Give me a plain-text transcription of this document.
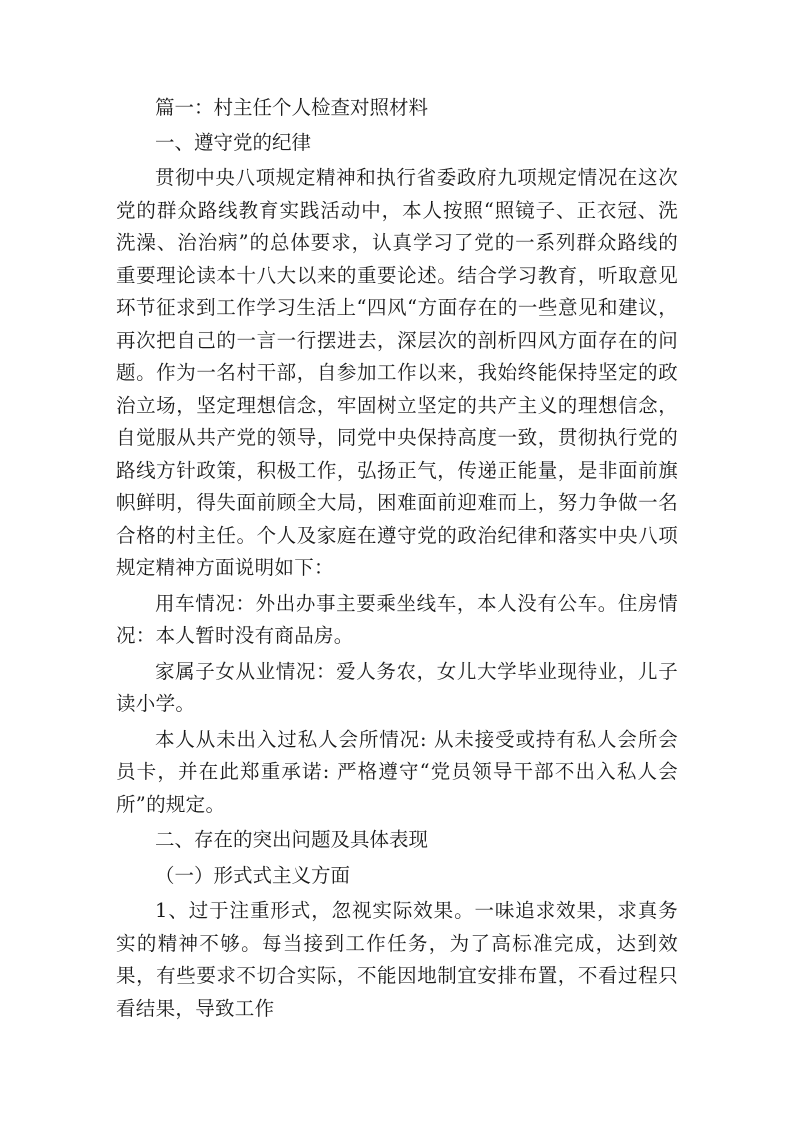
篇一：村主任个人检查对照材料

一、遵守党的纪律

贯彻中央八项规定精神和执行省委政府九项规定情况在这次党的群众路线教育实践活动中，本人按照“照镜子、正衣冠、洗洗澡、治治病”的总体要求，认真学习了党的一系列群众路线的重要理论读本十八大以来的重要论述。结合学习教育，听取意见环节征求到工作学习生活上“四风“方面存在的一些意见和建议，再次把自己的一言一行摆进去，深层次的剖析四风方面存在的问题。作为一名村干部，自参加工作以来，我始终能保持坚定的政治立场，坚定理想信念，牢固树立坚定的共产主义的理想信念，自觉服从共产党的领导，同党中央保持高度一致，贯彻执行党的路线方针政策，积极工作，弘扬正气，传递正能量，是非面前旗帜鲜明，得失面前顾全大局，困难面前迎难而上，努力争做一名合格的村主任。个人及家庭在遵守党的政治纪律和落实中央八项规定精神方面说明如下：

用车情况：外出办事主要乘坐线车，本人没有公车。住房情况：本人暂时没有商品房。

家属子女从业情况：爱人务农，女儿大学毕业现待业，儿子读小学。

本人从未出入过私人会所情况: 从未接受或持有私人会所会员卡，并在此郑重承诺: 严格遵守“党员领导干部不出入私人会所”的规定。

二、存在的突出问题及具体表现

（一）形式式主义方面

1、过于注重形式，忽视实际效果。一味追求效果，求真务实的精神不够。每当接到工作任务，为了高标准完成，达到效果，有些要求不切合实际，不能因地制宜安排布置，不看过程只看结果，导致工作
